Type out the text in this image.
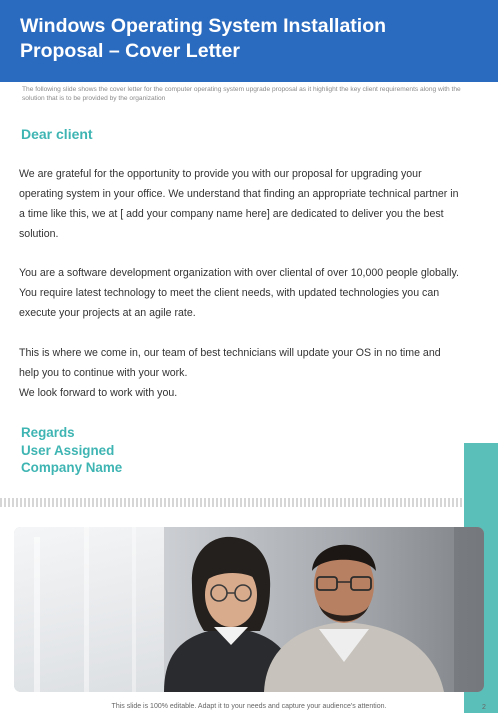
Windows Operating System Installation
Proposal – Cover Letter

The following slide shows the cover letter for the computer operating system upgrade proposal as it highlight the key client requirements along with the solution that is to be provided by the organization

Dear client

We are grateful for the opportunity to provide you with our proposal for upgrading your operating system in your office. We understand that finding an appropriate technical partner in a time like this, we at [ add your company name here] are dedicated to deliver you the best solution.

You are a software development organization with over cliental of over 10,000 people globally. You require latest technology to meet the client needs, with updated technologies you can execute your projects at an agile rate.

This is where we come in, our team of best technicians will update your OS in no time and help you to continue with your work.
We look forward to work with you.

Regards
User Assigned
Company Name

This slide is 100% editable. Adapt it to your needs and capture your audience's attention.	2
